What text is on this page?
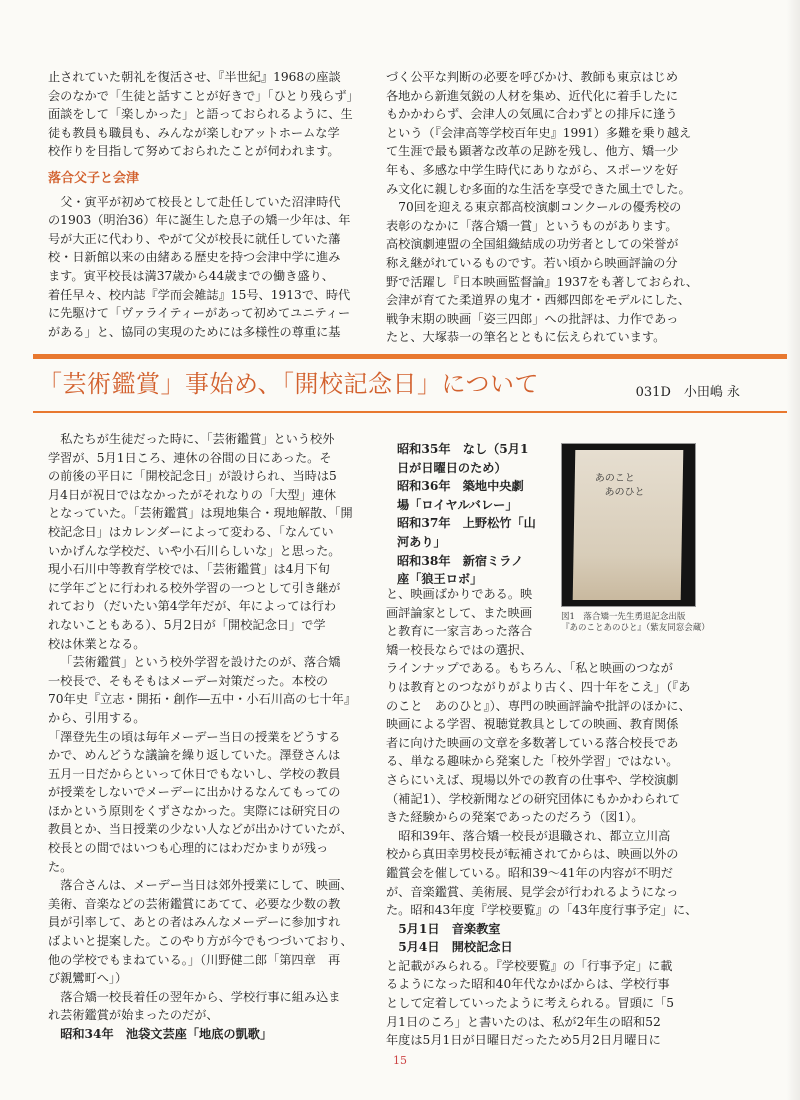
止されていた朝礼を復活させ、『半世紀』1968の座談

会のなかで「生徒と話すことが好きで」「ひとり残らず」

面談をして「楽しかった」と語っておられるように、生

徒も教員も職員も、みんなが楽しむアットホームな学

校作りを目指して努めておられたことが伺われます。

落合父子と会津

父・寅平が初めて校長として赴任していた沼津時代

の1903（明治36）年に誕生した息子の矯一少年は、年

号が大正に代わり、やがて父が校長に就任していた藩

校・日新館以来の由緒ある歴史を持つ会津中学に進み

ます。寅平校長は満37歳から44歳までの働き盛り、

着任早々、校内誌『学而会雑誌』15号、1913で、時代

に先駆けて「ヴァライティーがあって初めてユニティー

がある」と、協同の実現のためには多様性の尊重に基

づく公平な判断の必要を呼びかけ、教師も東京はじめ

各地から新進気鋭の人材を集め、近代化に着手したに

もかかわらず、会津人の気風に合わずとの排斥に逢う

という（『会津高等学校百年史』1991）多難を乗り越え

て生涯で最も顕著な改革の足跡を残し、他方、矯一少

年も、多感な中学生時代にありながら、スポーツを好

み文化に親しむ多面的な生活を享受できた風土でした。

70回を迎える東京都高校演劇コンクールの優秀校の

表彰のなかに「落合矯一賞」というものがあります。

高校演劇連盟の全国組織結成の功労者としての栄誉が

称え継がれているものです。若い頃から映画評論の分

野で活躍し『日本映画監督論』1937をも著しておられ、

会津が育てた柔道界の鬼才・西郷四郎をモデルにした、

戦争末期の映画「姿三四郎」への批評は、力作であっ

たと、大塚恭一の筆名とともに伝えられています。

「芸術鑑賞」事始め、「開校記念日」について	031D　小田嶋 永

私たちが生徒だった時に、「芸術鑑賞」という校外

学習が、5月1日ころ、連休の谷間の日にあった。そ

の前後の平日に「開校記念日」が設けられ、当時は5

月4日が祝日ではなかったがそれなりの「大型」連休

となっていた。「芸術鑑賞」は現地集合・現地解散、「開

校記念日」はカレンダーによって変わる、「なんてい

いかげんな学校だ、いや小石川らしいな」と思った。

現小石川中等教育学校では、「芸術鑑賞」は4月下旬

に学年ごとに行われる校外学習の一つとして引き継が

れており（だいたい第4学年だが、年によっては行わ

れないこともある）、5月2日が「開校記念日」で学

校は休業となる。

「芸術鑑賞」という校外学習を設けたのが、落合矯

一校長で、そもそもはメーデー対策だった。本校の

70年史『立志・開拓・創作―五中・小石川高の七十年』

から、引用する。

「澤登先生の頃は毎年メーデー当日の授業をどうする

かで、めんどうな議論を繰り返していた。澤登さんは

五月一日だからといって休日でもないし、学校の教員

が授業をしないでメーデーに出かけるなんてもっての

ほかという原則をくずさなかった。実際には研究日の

教員とか、当日授業の少ない人などが出かけていたが、

校長との間ではいつも心理的にはわだかまりが残っ

た。

落合さんは、メーデー当日は郊外授業にして、映画、

美術、音楽などの芸術鑑賞にあてて、必要な少数の教

員が引率して、あとの者はみんなメーデーに参加すれ

ばよいと提案した。このやり方が今でもつづいており、

他の学校でもまねている。」（川野健二郎「第四章　再

び親鸞町へ」）

落合矯一校長着任の翌年から、学校行事に組み込ま

れ芸術鑑賞が始まったのだが、

昭和34年　池袋文芸座「地底の凱歌」

昭和35年　なし（5月1

日が日曜日のため）

昭和36年　築地中央劇

場「ロイヤルバレー」

昭和37年　上野松竹「山

河あり」

昭和38年　新宿ミラノ

座「狼王ロボ」

あのこと
あのひと
図1　落合矯一先生勇退記念出版
『あのことあのひと』（紫友同窓会蔵）

と、映画ばかりである。映

画評論家として、また映画

と教育に一家言あった落合

矯一校長ならではの選択、

ラインナップである。もちろん、「私と映画のつなが

りは教育とのつながりがより古く、四十年をこえ」（『あ

のこと　あのひと』）、専門の映画評論や批評のほかに、

映画による学習、視聴覚教具としての映画、教育関係

者に向けた映画の文章を多数著している落合校長であ

る、単なる趣味から発案した「校外学習」ではない。

さらにいえば、現場以外での教育の仕事や、学校演劇

（補記1）、学校新聞などの研究団体にもかかわられて

きた経験からの発案であったのだろう（図1）。

昭和39年、落合矯一校長が退職され、都立立川高

校から真田幸男校長が転補されてからは、映画以外の

鑑賞会を催している。昭和39～41年の内容が不明だ

が、音楽鑑賞、美術展、見学会が行われるようになっ

た。昭和43年度『学校要覧』の「43年度行事予定」に、

5月1日　音楽教室

5月4日　開校記念日

と記載がみられる。『学校要覧』の「行事予定」に載

るようになった昭和40年代なかばからは、学校行事

として定着していったように考えられる。冒頭に「5

月1日のころ」と書いたのは、私が2年生の昭和52

年度は5月1日が日曜日だったため5月2日月曜日に

15
